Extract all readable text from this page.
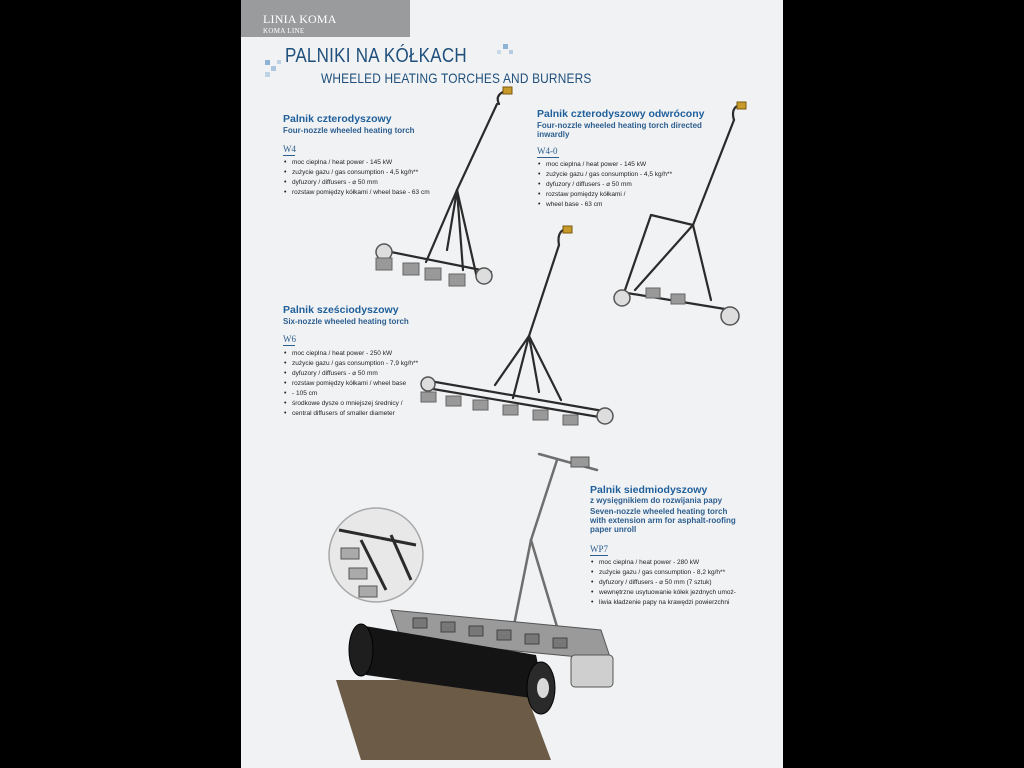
LINIA KOMA
KOMA LINE
PALNIKI NA KÓŁKACH
WHEELED HEATING TORCHES AND BURNERS
Palnik czterodyszowy
Four-nozzle wheeled heating torch
W4
• moc cieplna / heat power - 145 kW
• zużycie gazu / gas consumption - 4,5 kg/h**
• dyfuzory / diffusers - ⌀ 50 mm
• rozstaw pomiędzy kółkami / wheel base - 63 cm
Palnik czterodyszowy odwrócony
Four-nozzle wheeled heating torch directed inwardly
W4-0
• moc cieplna / heat power - 145 kW
• zużycie gazu / gas consumption - 4,5 kg/h**
• dyfuzory / diffusers - ⌀ 50 mm
• rozstaw pomiędzy kółkami /
• wheel base - 63 cm
Palnik sześciodyszowy
Six-nozzle wheeled heating torch
W6
• moc cieplna / heat power - 250 kW
• zużycie gazu / gas consumption - 7,9 kg/h**
• dyfuzory / diffusers - ⌀ 50 mm
• rozstaw pomiędzy kółkami / wheel base
• - 105 cm
• środkowe dysze o mniejszej średnicy /
• central diffusers of smaller diameter
Palnik siedmiodyszowy
z wysięgnikiem do rozwijania papy
Seven-nozzle wheeled heating torch with extension arm for asphalt-roofing paper unroll
WP7
• moc cieplna / heat power - 280 kW
• zużycie gazu / gas consumption - 8,2 kg/h**
• dyfuzory / diffusers - ⌀ 50 mm (7 sztuk)
• wewnętrzne usytuowanie kółek jezdnych umoż-
• liwia kładzenie papy na krawędzi powierzchni
